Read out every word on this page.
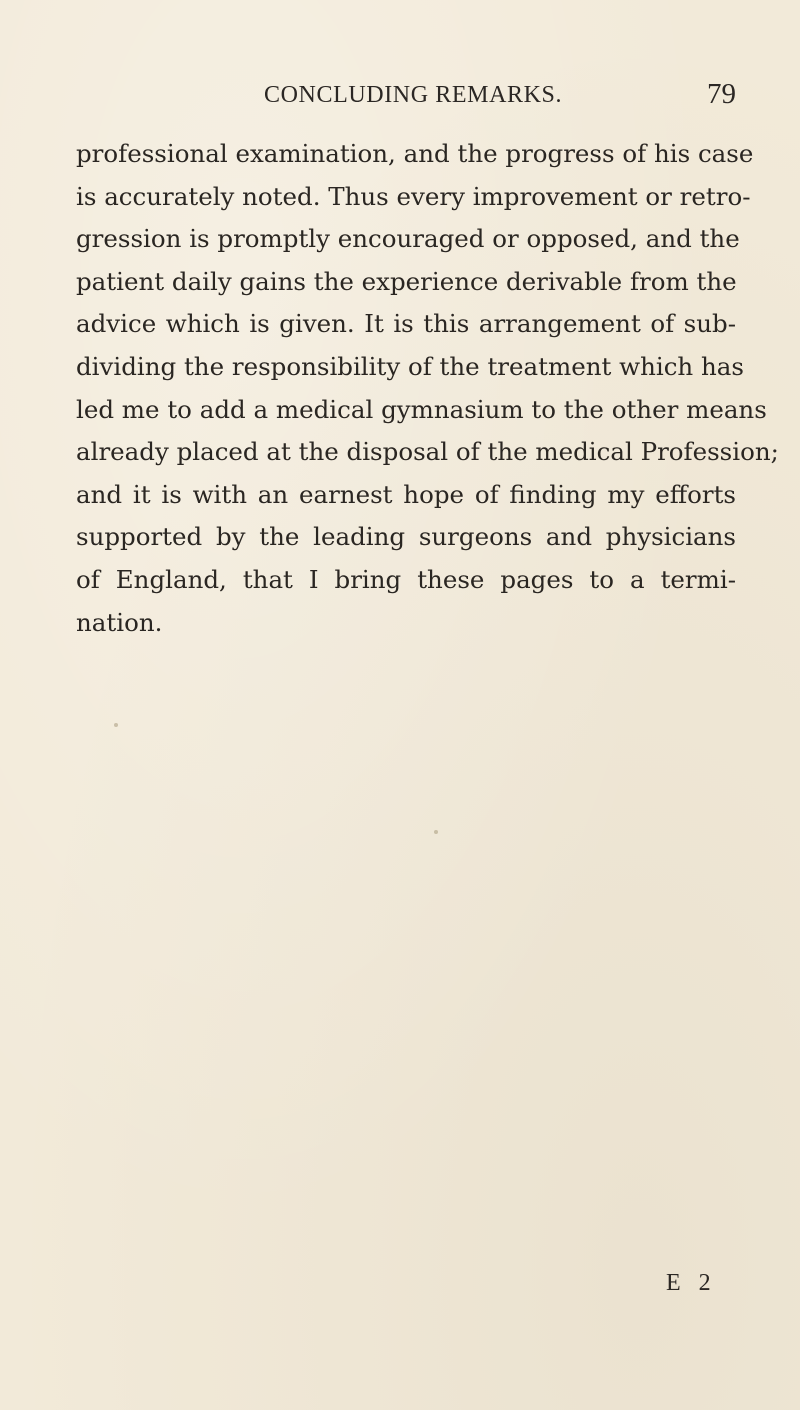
CONCLUDING REMARKS.	79
professional examination, and the progress of his case
is accurately noted. Thus every improvement or retro-
gression is promptly encouraged or opposed, and the
patient daily gains the experience derivable from the
advice which is given. It is this arrangement of sub-
dividing the responsibility of the treatment which has
led me to add a medical gymnasium to the other means
already placed at the disposal of the medical Profession;
and it is with an earnest hope of finding my efforts
supported by the leading surgeons and physicians
of England, that I bring these pages to a termi-
nation.
E 2
